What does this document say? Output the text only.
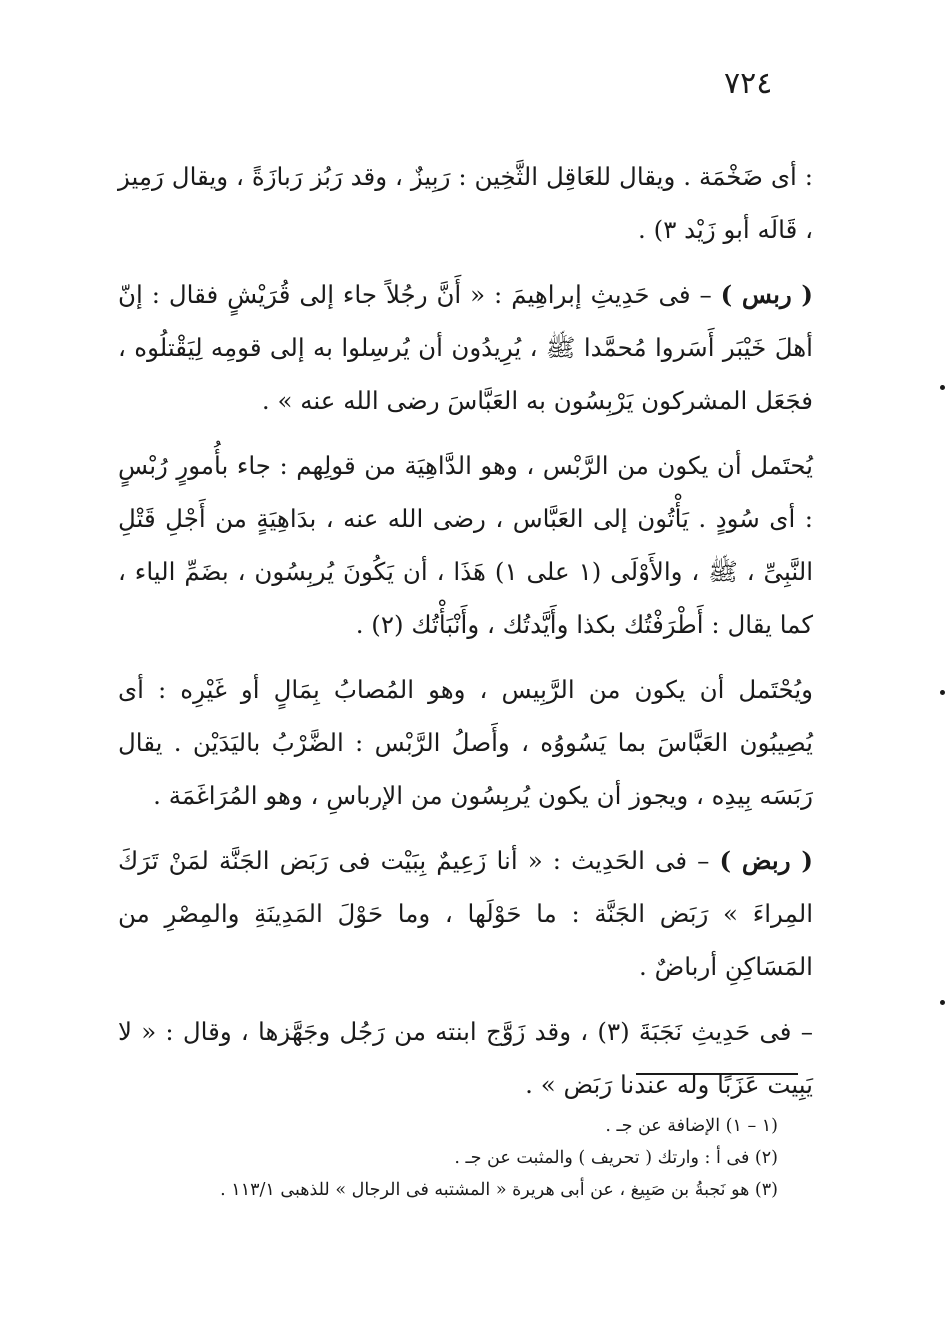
٧٢٤

: أى ضَخْمَة . ويقال للعَاقِل الثَّخِين : رَبِيزٌ ، وقد رَبُز رَبازَةً ، ويقال رَمِيز ، قَالَه أبو زَيْد ٣) .

( ربس ) – فى حَدِيثِ إبراهِيمَ : « أَنَّ رجُلاً جاء إلى قُرَيْشٍ فقال : إنّ أهلَ خَيْبَر أَسَروا مُحمَّدا ﷺ ، يُرِيدُون أن يُرسِلوا به إلى قومِه لِيَقْتلُوه ، فجَعَل المشركون يَرْبِسُون به العَبَّاسَ رضى الله عنه » .

يُحتَمل أن يكون من الرَّبْس ، وهو الدَّاهِيَة من قولِهم : جاء بأُمورٍ رُبْسٍ : أى سُودٍ . يَأْتُون إلى العَبَّاس ، رضى الله عنه ، بدَاهِيَةٍ من أَجْلِ قَتْلِ النَّبِىِّ ، ﷺ ، والأَوْلَى (١ على ١) هَذَا ، أن يَكُونَ يُربِسُون ، بضَمِّ الياء ، كما يقال : أَطْرَفْتُك بكذا وأَيَّدتُك ، وأَنْبَأْتُك (٢) .

ويُحْتَمل أن يكون من الرَّبِيس ، وهو المُصابُ بِمَالٍ أو غَيْرِه : أى يُصِيبُون العَبَّاسَ بما يَسُووُه ، وأَصلُ الرَّبْس : الضَّرْبُ باليَدَيْن . يقال رَبَسَه بِيدِه ، ويجوز أن يكون يُربِسُون من الإرباسِ ، وهو المُرَاغَمَة .

( ربض ) – فى الحَدِيث : « أنا زَعِيمٌ بِبَيْت فى رَبَض الجَنَّة لمَنْ تَرَكَ المِراءَ » رَبَض الجَنَّة : ما حَوْلَها ، وما حَوْلَ المَدِينَةِ والمِصْرِ من المَسَاكِنِ أرباضٌ .

– فى حَدِيثِ نَجَبَةَ (٣) ، وقد زَوَّج ابنته من رَجُل وجَهَّزها ، وقال : « لا يَبِيت عَزَبًا وله عندنا رَبَض » .

(١ – ١) الإضافة عن جـ .
(٢) فى أ : وارتك ( تحريف ) والمثبت عن جـ .
(٣) هو نَجبةُ بن صَبِيغ ، عن أبى هريرة « المشتبه فى الرجال » للذهبى ١١٣/١ .
